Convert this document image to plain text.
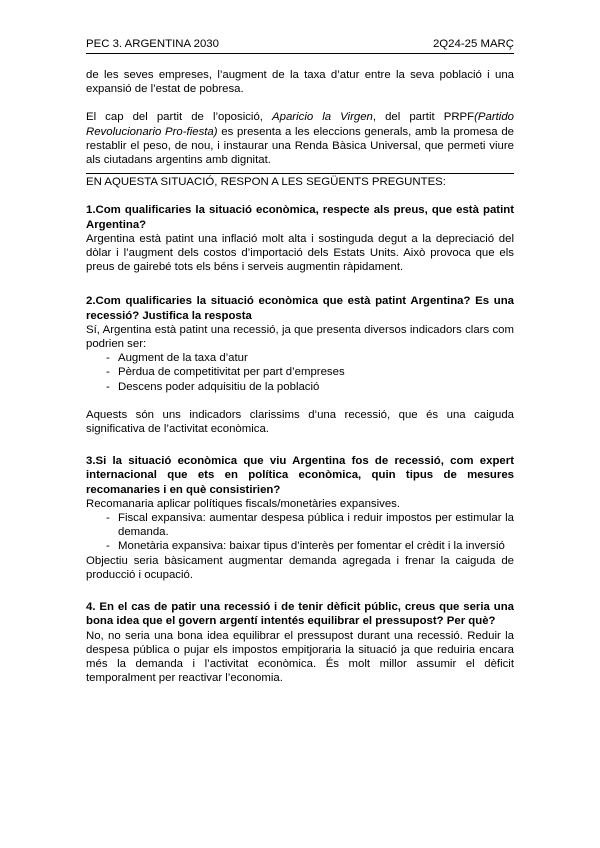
PEC 3. ARGENTINA 2030	2Q24-25 MARÇ

de les seves empreses, l’augment de la taxa d’atur entre la seva població i una expansió de l’estat de pobresa.

El cap del partit de l’oposició, Aparicio la Virgen, del partit PRPF(Partido Revolucionario Pro-fiesta) es presenta a les eleccions generals, amb la promesa de restablir el peso, de nou, i instaurar una Renda Bàsica Universal, que permeti viure als ciutadans argentins amb dignitat.

EN AQUESTA SITUACIÓ, RESPON A LES SEGÜENTS PREGUNTES:

1.Com qualificaries la situació econòmica, respecte als preus, que està patint Argentina?

Argentina està patint una inflació molt alta i sostinguda degut a la depreciació del dòlar i l’augment dels costos d’importació dels Estats Units. Això provoca que els preus de gairebé tots els béns i serveis augmentin ràpidament.

2.Com qualificaries la situació econòmica que està patint Argentina? Es una recessió? Justifica la resposta

Sí, Argentina està patint una recessió, ja que presenta diversos indicadors clars com podrien ser:

- Augment de la taxa d’atur
- Pèrdua de competitivitat per part d’empreses
- Descens poder adquisitiu de la població

Aquests són uns indicadors clarissims d’una recessió, que és una caiguda significativa de l’activitat econòmica.

3.Si la situació econòmica que viu Argentina fos de recessió, com expert internacional que ets en política econòmica, quin tipus de mesures recomanaries i en què consistirien?

Recomanaria aplicar polítiques fiscals/monetàries expansives.

- Fiscal expansiva: aumentar despesa pública i reduir impostos per estimular la demanda.
- Monetària expansiva: baixar tipus d’interès per fomentar el crèdit i la inversió

Objectiu seria bàsicament augmentar demanda agregada i frenar la caiguda de producció i ocupació.

4. En el cas de patir una recessió i de tenir dèficit públic, creus que seria una bona idea que el govern argentí intentés equilibrar el pressupost? Per què?

No, no seria una bona idea equilibrar el pressupost durant una recessió. Reduir la despesa pública o pujar els impostos empitjoraria la situació ja que reduiria encara més la demanda i l’activitat econòmica. És molt millor assumir el dèficit temporalment per reactivar l’economia.
